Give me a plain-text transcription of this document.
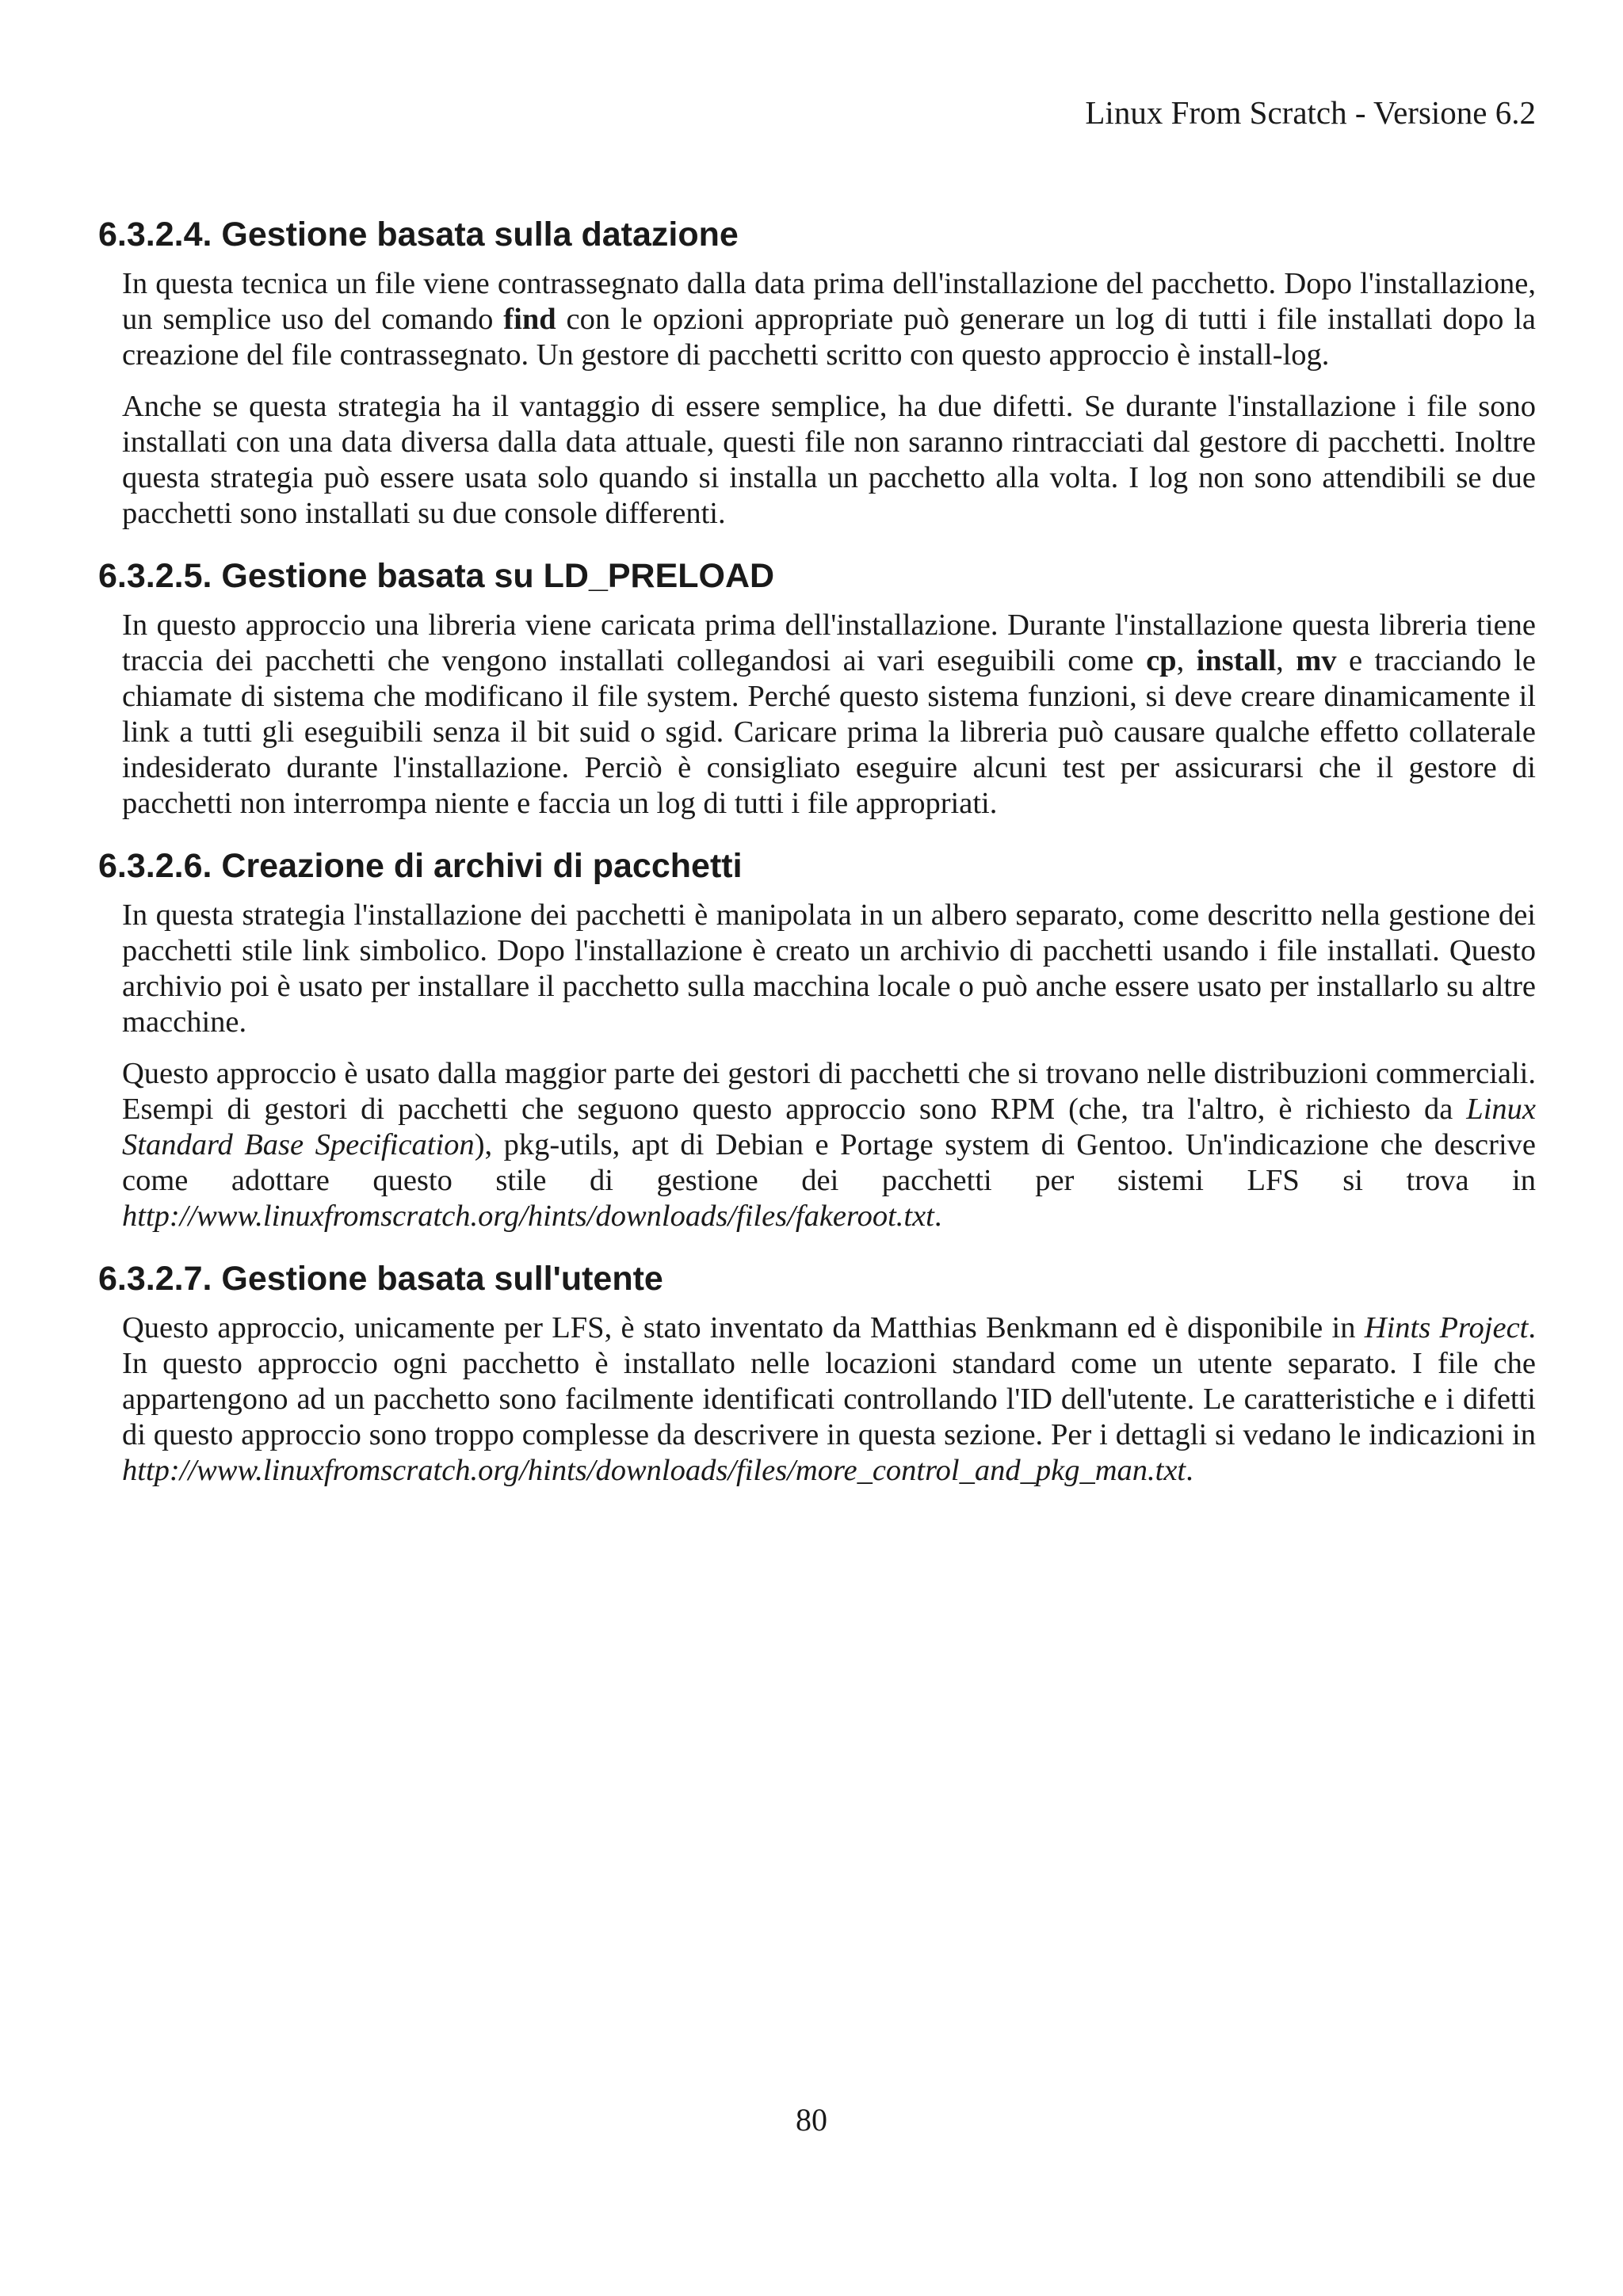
Linux From Scratch - Versione 6.2
6.3.2.4. Gestione basata sulla datazione

In questa tecnica un file viene contrassegnato dalla data prima dell'installazione del pacchetto. Dopo l'installazione, un semplice uso del comando find con le opzioni appropriate può generare un log di tutti i file installati dopo la creazione del file contrassegnato. Un gestore di pacchetti scritto con questo approccio è install-log.

Anche se questa strategia ha il vantaggio di essere semplice, ha due difetti. Se durante l'installazione i file sono installati con una data diversa dalla data attuale, questi file non saranno rintracciati dal gestore di pacchetti. Inoltre questa strategia può essere usata solo quando si installa un pacchetto alla volta. I log non sono attendibili se due pacchetti sono installati su due console differenti.

6.3.2.5. Gestione basata su LD_PRELOAD

In questo approccio una libreria viene caricata prima dell'installazione. Durante l'installazione questa libreria tiene traccia dei pacchetti che vengono installati collegandosi ai vari eseguibili come cp, install, mv e tracciando le chiamate di sistema che modificano il file system. Perché questo sistema funzioni, si deve creare dinamicamente il link a tutti gli eseguibili senza il bit suid o sgid. Caricare prima la libreria può causare qualche effetto collaterale indesiderato durante l'installazione. Perciò è consigliato eseguire alcuni test per assicurarsi che il gestore di pacchetti non interrompa niente e faccia un log di tutti i file appropriati.

6.3.2.6. Creazione di archivi di pacchetti

In questa strategia l'installazione dei pacchetti è manipolata in un albero separato, come descritto nella gestione dei pacchetti stile link simbolico. Dopo l'installazione è creato un archivio di pacchetti usando i file installati. Questo archivio poi è usato per installare il pacchetto sulla macchina locale o può anche essere usato per installarlo su altre macchine.

Questo approccio è usato dalla maggior parte dei gestori di pacchetti che si trovano nelle distribuzioni commerciali. Esempi di gestori di pacchetti che seguono questo approccio sono RPM (che, tra l'altro, è richiesto da Linux Standard Base Specification), pkg-utils, apt di Debian e Portage system di Gentoo. Un'indicazione che descrive come adottare questo stile di gestione dei pacchetti per sistemi LFS si trova in http://www.linuxfromscratch.org/hints/downloads/files/fakeroot.txt.

6.3.2.7. Gestione basata sull'utente

Questo approccio, unicamente per LFS, è stato inventato da Matthias Benkmann ed è disponibile in Hints Project. In questo approccio ogni pacchetto è installato nelle locazioni standard come un utente separato. I file che appartengono ad un pacchetto sono facilmente identificati controllando l'ID dell'utente. Le caratteristiche e i difetti di questo approccio sono troppo complesse da descrivere in questa sezione. Per i dettagli si vedano le indicazioni in http://www.linuxfromscratch.org/hints/downloads/files/more_control_and_pkg_man.txt.

80
